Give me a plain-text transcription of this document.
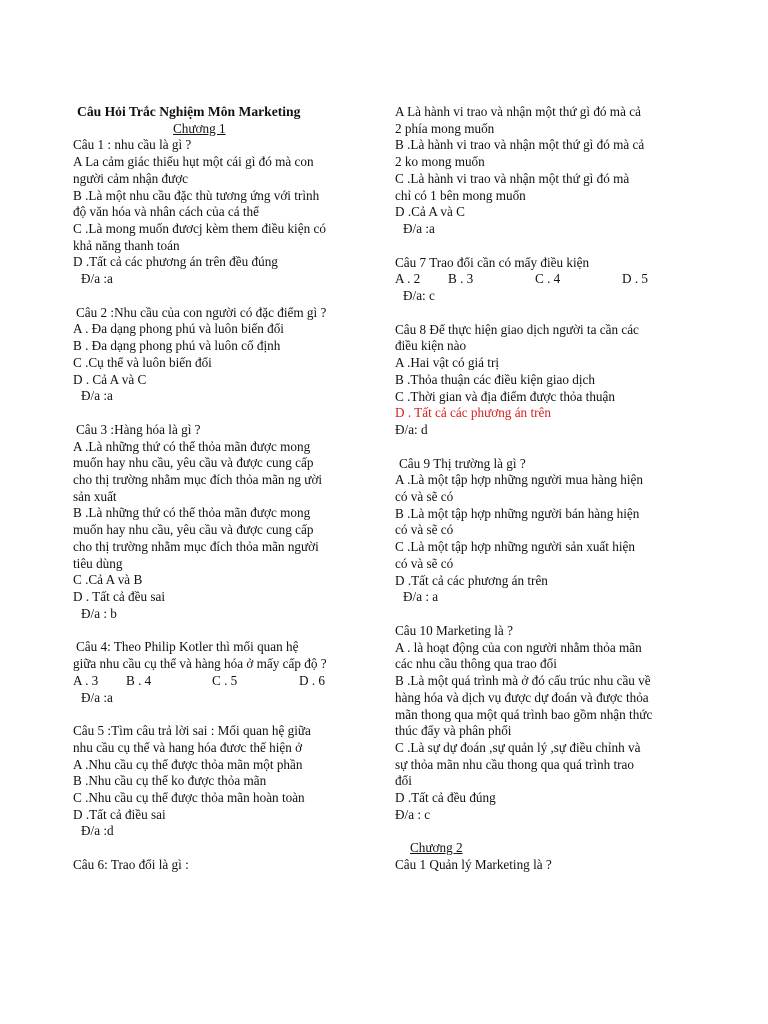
Câu Hỏi Trắc Nghiệm Môn Marketing
Chương 1
Câu 1 : nhu cầu là gì ?
A La cảm giác thiếu hụt một cái gì đó mà con
người cảm nhận được
B .Là một nhu cầu đặc thù tương ứng với trình
độ văn hóa và nhân cách của cá thể
C .Là mong muốn đươcj kèm them điều kiện có
khả năng thanh toán
D .Tất cả các phương án trên đều đúng
Đ/a :a
Câu 2 :Nhu cầu của con người có đặc điểm gì ?
A . Đa dạng phong phú và luôn biến đổi
B . Đa dạng phong phú và luôn cố định
C .Cụ thể và luôn biến đổi
D . Cả A và C
Đ/a :a
Câu 3 :Hàng hóa là gì ?
A .Là những thứ có thể thỏa mãn được mong
muốn hay nhu cầu, yêu cầu và được cung cấp
cho thị trường nhằm mục đích thỏa mãn ng ười
sản xuất
B .Là những thứ có thể thỏa mãn được mong
muốn hay nhu cầu, yêu cầu và được cung cấp
cho thị trường nhằm mục đích thỏa mãn người
tiêu dùng
C .Cả A và B
D . Tất cả đều sai
Đ/a : b
Câu 4: Theo Philip Kotler thì mối quan hệ
giữa nhu cầu cụ thể và hàng hóa ở mấy cấp độ ?
A . 3	B . 4	C . 5	D . 6
Đ/a :a
Câu 5 :Tìm câu trả lời sai : Mối quan hệ giữa
nhu cầu cụ thể và hang hóa đươc thể hiện ở
A .Nhu cầu cụ thể được thỏa mãn một phần
B .Nhu cầu cụ thể ko được thỏa mãn
C .Nhu cầu cụ thể được thỏa mãn hoàn toàn
D .Tất cả điều sai
Đ/a :d
Câu 6: Trao đổi là gì :
A Là hành vi trao và nhận một thứ gì đó mà cả
2 phía mong muốn
B .Là hành vi trao và nhận một thứ gì đó mà cả
2 ko mong muốn
C .Là hành vi trao và nhận một thứ gì đó mà
chỉ có 1 bên mong muốn
D .Cả A và C
Đ/a :a
Câu 7 Trao đổi cần có mấy điều kiện
A . 2	B . 3	C . 4	D . 5
Đ/a: c
Câu 8 Để thực hiện giao dịch người ta cần các
điều kiện nào
A .Hai vật có giá trị
B .Thỏa thuận các điều kiện giao dịch
C .Thời gian và địa điểm được thỏa thuận
D . Tất cả các phương án trên
Đ/a: d
Câu 9 Thị trường là gì ?
A .Là một tập hợp những người mua hàng hiện
có và sẽ có
B .Là một tập hợp những người bán hàng hiện
có và sẽ có
C .Là một tập hợp những người sản xuất hiện
có và sẽ có
D .Tất cả các phương án trên
Đ/a : a
Câu 10 Marketing là ?
A . là hoạt động của con người nhằm thỏa mãn
các nhu cầu thông qua trao đổi
B .Là một quá trình mà ở đó cấu trúc nhu cầu về
hàng hóa và dịch vụ được dự đoán và được thỏa
mãn thong qua một quá trình bao gồm nhận thức
thúc đẩy và phân phối
C .Là sự dự đoán ,sự quản lý ,sự điều chỉnh và
sự thỏa mãn nhu cầu thong qua quá trình trao
đổi
D .Tất cả đều đúng
Đ/a : c
Chương 2
Câu 1 Quản lý Marketing là ?
